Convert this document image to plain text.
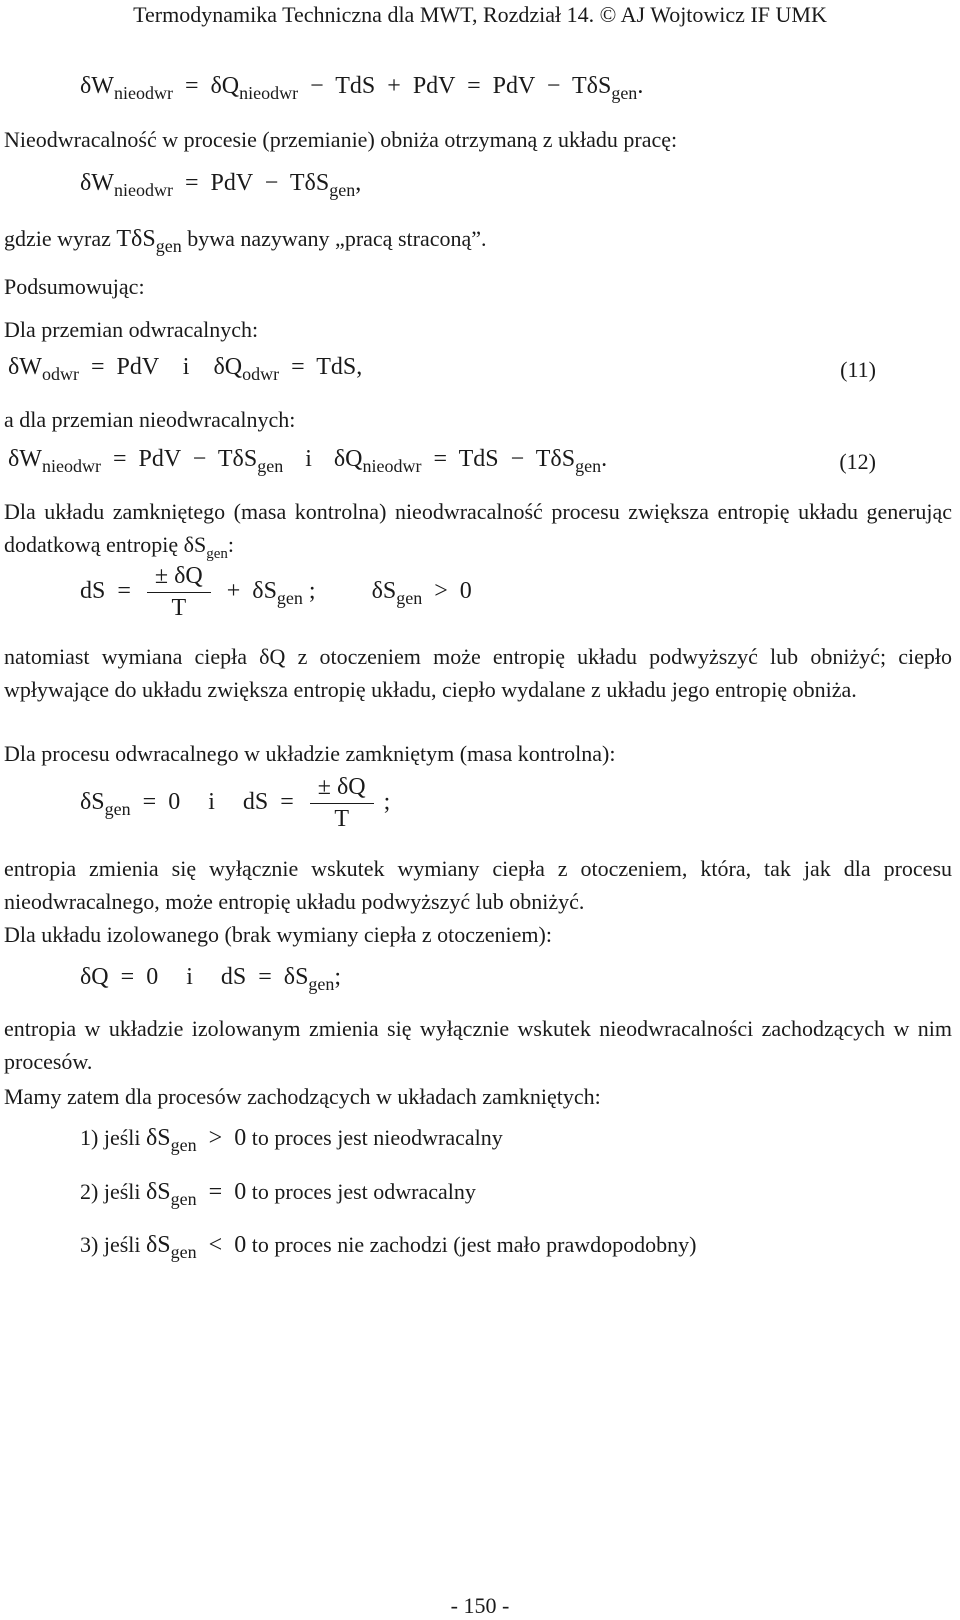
Termodynamika Techniczna dla MWT, Rozdział 14. © AJ Wojtowicz IF UMK
$\delta W_{nieodwr} = \delta Q_{nieodwr}$ − TdS + PdV = PdV − TδS$_{gen}$.
Nieodwracalność w procesie (przemianie) obniża otrzymaną z układu pracę:
$\delta W_{nieodwr}$ = PdV − TδS$_{gen}$,
gdzie wyraz TδS$_{gen}$ bywa nazywany „pracą straconą”.
Podsumowując:
Dla przemian odwracalnych:
$\delta W_{odwr}$ = PdV i $\delta Q_{odwr}$ = TdS,	(11)
a dla przemian nieodwracalnych:
$\delta W_{nieodwr}$ = PdV − TδS$_{gen}$ i $\delta Q_{nieodwr}$ = TdS − TδS$_{gen}$.	(12)
Dla układu zamkniętego (masa kontrolna) nieodwracalność procesu zwiększa entropię układu generując dodatkową entropię $\delta S_{gen}$:
dS = $\frac{\pm \delta Q}{T} + \delta S_{gen}$ ; $\delta S_{gen} > 0$
natomiast wymiana ciepła δQ z otoczeniem może entropię układu podwyższyć lub obniżyć; ciepło wpływające do układu zwiększa entropię układu, ciepło wydalane z układu jego entropię obniża.
Dla procesu odwracalnego w układzie zamkniętym (masa kontrolna):
$\delta S_{gen} = 0$ i dS = $\frac{\pm \delta Q}{T}$ ;
entropia zmienia się wyłącznie wskutek wymiany ciepła z otoczeniem, która, tak jak dla procesu nieodwracalnego, może entropię układu podwyższyć lub obniżyć.
Dla układu izolowanego (brak wymiany ciepła z otoczeniem):
δQ = 0 i dS = $\delta S_{gen}$;
entropia w układzie izolowanym zmienia się wyłącznie wskutek nieodwracalności zachodzących w nim procesów.
Mamy zatem dla procesów zachodzących w układach zamkniętych:
1) jeśli $\delta S_{gen} > 0$ to proces jest nieodwracalny
2) jeśli $\delta S_{gen} = 0$ to proces jest odwracalny
3) jeśli $\delta S_{gen} < 0$ to proces nie zachodzi (jest mało prawdopodobny)
- 150 -
